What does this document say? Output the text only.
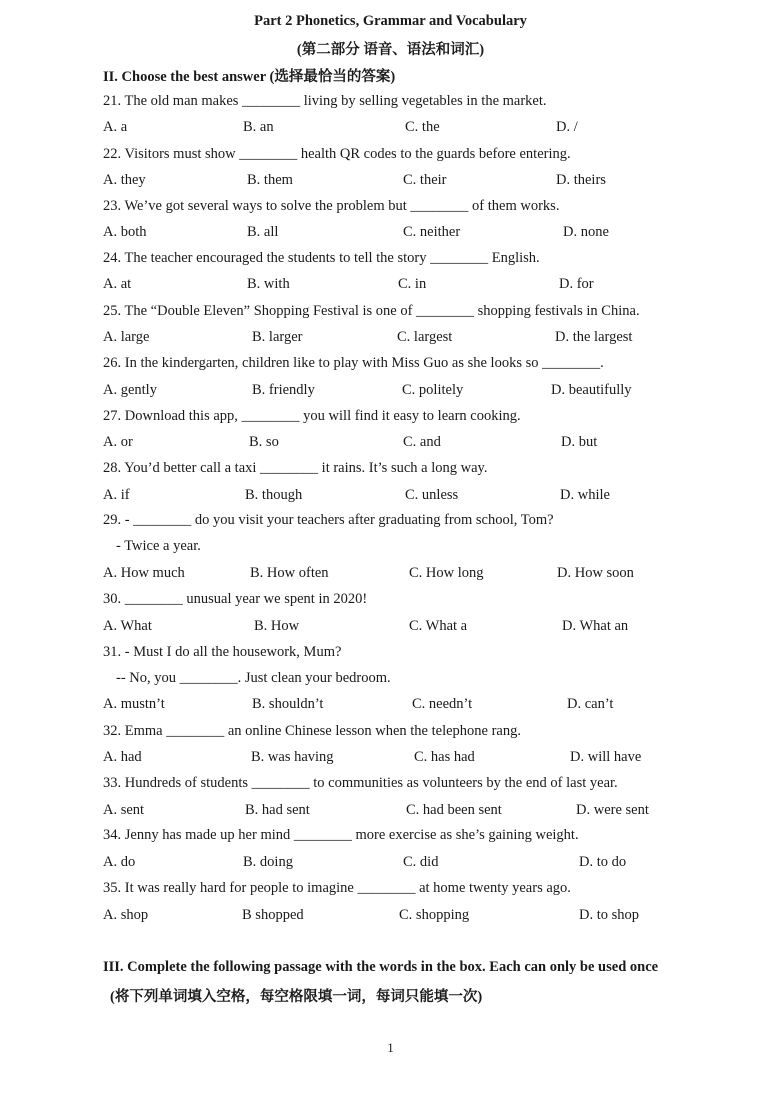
Part 2 Phonetics, Grammar and Vocabulary
(第二部分 语音、语法和词汇)
II. Choose the best answer (选择最恰当的答案)
21. The old man makes ________ living by selling vegetables in the market.
A. a	B. an	C. the	D. /
22. Visitors must show ________ health QR codes to the guards before entering.
A. they	B. them	C. their	D. theirs
23. We’ve got several ways to solve the problem but ________ of them works.
A. both	B. all	C. neither	D. none
24. The teacher encouraged the students to tell the story ________ English.
A. at	B. with	C. in	D. for
25. The “Double Eleven” Shopping Festival is one of ________ shopping festivals in China.
A. large	B. larger	C. largest	D. the largest
26. In the kindergarten, children like to play with Miss Guo as she looks so ________.
A. gently	B. friendly	C. politely	D. beautifully
27. Download this app, ________ you will find it easy to learn cooking.
A. or	B. so	C. and	D. but
28. You’d better call a taxi ________ it rains. It’s such a long way.
A. if	B. though	C. unless	D. while
29. - ________ do you visit your teachers after graduating from school, Tom?
- Twice a year.
A. How much	B. How often	C. How long	D. How soon
30. ________ unusual year we spent in 2020!
A. What	B. How	C. What a	D. What an
31. - Must I do all the housework, Mum?
-- No, you ________. Just clean your bedroom.
A. mustn’t	B. shouldn’t	C. needn’t	D. can’t
32. Emma ________ an online Chinese lesson when the telephone rang.
A. had	B. was having	C. has had	D. will have
33. Hundreds of students ________ to communities as volunteers by the end of last year.
A. sent	B. had sent	C. had been sent	D. were sent
34. Jenny has made up her mind ________ more exercise as she’s gaining weight.
A. do	B. doing	C. did	D. to do
35. It was really hard for people to imagine ________ at home twenty years ago.
A. shop	B shopped	C. shopping	D. to shop
III. Complete the following passage with the words in the box. Each can only be used once
(将下列单词填入空格，每空格限填一词，每词只能填一次)
1
